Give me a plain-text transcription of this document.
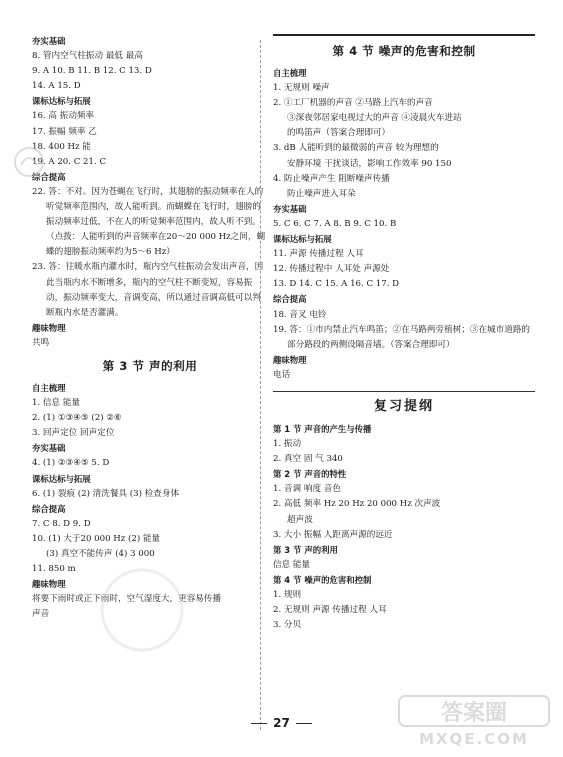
夯实基础
8. 管内空气柱振动 最低 最高
9. A 10. B 11. B 12. C 13. D
14. A 15. D
课标达标与拓展
16. 高 振动频率
17. 振幅 频率 乙
18. 400 Hz 能
19. A 20. C 21. C
综合提高
22. 答：不对。因为苍蝇在飞行时，其翅膀的振动频率在人的听觉频率范围内，故人能听到。而蝴蝶在飞行时，翅膀的振动频率过低，不在人的听觉频率范围内，故人听不到。（点拨：人能听到的声音频率在20～20 000 Hz之间，蝴蝶的翅膀振动频率约为5～6 Hz）
23. 答：往暖水瓶内灌水时，瓶内空气柱振动会发出声音，因此当瓶内水不断增多，瓶内的空气柱不断变短，容易振动，振动频率变大，音调变高，所以通过音调高低可以判断瓶内水是否灌满。
趣味物理
共鸣
第 3 节 声的利用
自主梳理
1. 信息 能量
2. (1) ①③④⑤ (2) ②⑥
3. 回声定位 回声定位
夯实基础
4. (1) ②③④⑤ 5. D
课标达标与拓展
6. (1) 裂痕 (2) 清洗餐具 (3) 检查身体
综合提高
7. C 8. D 9. D
10. (1) 大于20 000 Hz (2) 能量
(3) 真空不能传声 (4) 3 000
11. 850 m
趣味物理
将要下雨时或正下雨时，空气湿度大，更容易传播
声音
第 4 节 噪声的危害和控制
自主梳理
1. 无规则 噪声
2. ①工厂机器的声音 ②马路上汽车的声音
③深夜邻居家电视过大的声音 ④凌晨火车进站
的鸣笛声（答案合理即可）
3. dB 人能听到的最微弱的声音 较为理想的
安静环境 干扰谈话，影响工作效率 90 150
4. 防止噪声产生 阻断噪声传播
防止噪声进入耳朵
夯实基础
5. C 6. C 7. A 8. B 9. C 10. B
课标达标与拓展
11. 声源 传播过程 人耳
12. 传播过程中 人耳处 声源处
13. D 14. C 15. A 16. C 17. D
综合提高
18. 音叉 电铃
19. 答：①市内禁止汽车鸣笛；②在马路两旁植树；③在城市道路的部分路段的两侧设隔音墙。（答案合理即可）
趣味物理
电话
复习提纲
第 1 节 声音的产生与传播
1. 振动
2. 真空 固 气 340
第 2 节 声音的特性
1. 音调 响度 音色
2. 高低 频率 Hz 20 Hz 20 000 Hz 次声波
超声波
3. 大小 振幅 人距离声源的远近
第 3 节 声的利用
信息 能量
第 4 节 噪声的危害和控制
1. 规则
2. 无规则 声源 传播过程 人耳
3. 分贝
27	答案圈
MXQE.COM
